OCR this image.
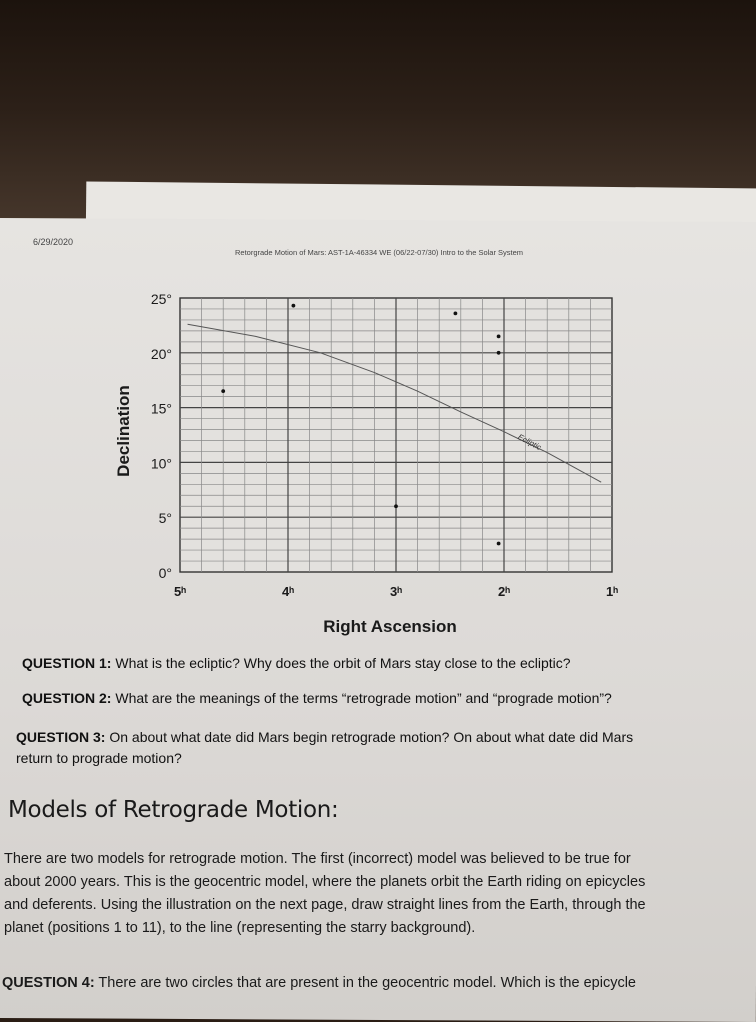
6/29/2020
Retorgrade Motion of Mars: AST-1A-46334 WE (06/22-07/30) Intro to the Solar System
25°
20°
15°
10°
5°
0°
5ʰ	4ʰ	3ʰ	2ʰ	1ʰ
Right Ascension
Declination	Ecliptic
QUESTION 1: What is the ecliptic? Why does the orbit of Mars stay close to the ecliptic?
QUESTION 2: What are the meanings of the terms “retrograde motion” and “prograde motion”?
QUESTION 3: On about what date did Mars begin retrograde motion? On about what date did Mars
return to prograde motion?
Models of Retrograde Motion:
There are two models for retrograde motion. The first (incorrect) model was believed to be true for
about 2000 years. This is the geocentric model, where the planets orbit the Earth riding on epicycles
and deferents. Using the illustration on the next page, draw straight lines from the Earth, through the
planet (positions 1 to 11), to the line (representing the starry background).
QUESTION 4: There are two circles that are present in the geocentric model. Which is the epicycle
